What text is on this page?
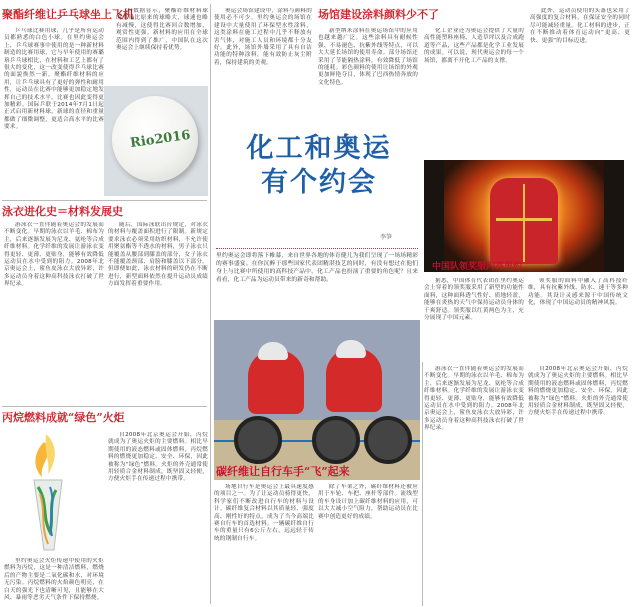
聚酯纤维让乒乓球坐上飞机

乒乓球比赛用球，几乎是所有运动员都熟悉的白色小球。在里约奥运会上，乒乓球赛事中使用的是一种新材料制造的比赛用球，它与早年使用的赛璐珞乒乓球相比，在材料和工艺上都有了很大的变化，这一改变使得乒乓球比赛的面貌焕然一新。聚酯纤维材料的应用，让乒乓球具有了更好的弹性和耐用性，运动员在比赛中能够更加稳定地发挥自己的技术水平，比赛也因此变得更加精彩。国际乒联于2014年7月1日起正式启用新材料球，新球的直径和重量都做了细微调整，更适合高水平的比赛要求。

Rio2016
泳衣进化史＝材料发展史

游泳衣一直伴随着奥运会的发展而不断变化。早期的泳衣以羊毛、棉布为主，后来逐渐发展为尼龙、氨纶等合成纤维材料。化学纤维的发展让游泳衣变得更轻、更薄、更贴身，能够有效降低运动员在水中受到的阻力。2008年北京奥运会上，鲨鱼皮泳衣大放异彩，许多运动员身着这种高科技泳衣打破了世界纪录。

随后，国际泳联出台规定，对泳衣的材料与覆盖面积进行了限制。新规定要求泳衣必须采用纺织材料，不允许使用聚氨酯等不透水的材料，男子泳衣只能覆盖从腰部到膝盖的部分，女子泳衣不能覆盖颈部、肩膀和膝盖以下部分。但即便如此，泳衣材料的研发仍在不断进行，新型面料依然在提升运动员成绩方面发挥着重要作用。

丙烷燃料成就“绿色”火炬

里约奥运会火炬传递中使用的火炬燃料为丙烷，这是一种清洁燃料，燃烧后的产物主要是二氧化碳和水，对环境无污染。丙烷燃料的火焰颜色明亮，在白天的强光下也清晰可见，且能够在大风、暴雨等恶劣天气条件下保持燃烧。

自2008年北京奥运会开始，丙烷就成为了奥运火炬的主要燃料。相比早期使用的液态燃料或固体燃料，丙烷燃料的燃烧更加稳定、安全、环保，因此被称为“绿色”燃料。火炬的外壳通常使用轻质合金材料制成，既坚固又轻便，方便火炬手在传递过程中携带。

有数据显示，聚酯纤维材料球的重量比原来的球略大，球速也略有减慢，这使得比赛回合数增加，观赏性更强。新材料的应用在全球范围内得到了推广，中国队在这次奥运会上继续保持着优势。

奥运会场馆建设中，涂料与颜料的使用必不可少。里约奥运会的场馆在建设中大量使用了环保型水性涂料，这类涂料在施工过程中几乎不释放有害气体，对施工人员和环境都十分友好。此外，场馆外墙采用了具有自洁功能的特种涂料，能有效防止灰尘附着，保持建筑的美观。

场馆建设涂料颜料少不了

新型纳米涂料在奥运场馆中的应用也越来越广泛。这些涂料具有耐候性强、不易褪色、抗紫外线等特点，可以大大延长场馆的使用寿命。部分场馆还采用了节能隔热涂料，有效降低了场馆的能耗。彩色颜料的使用让场馆的外观更加鲜艳夺目，体现了巴西热情奔放的文化特色。

化工企业还为奥运会提供了大量的高性能塑料座椅、人造草坪以及合成跑道等产品，这些产品都是化学工业发展的成果。可以说，现代奥运会的每一个场馆，都离不开化工产品的支撑。

化工和奥运
有个约会
李笋
里约奥运会即将落下帷幕，来自世界各地的体育健儿为我们呈现了一场场精彩的赛事盛宴。在你沉醉于那些国家代表团精湛技艺的同时，有没有想过在他们身上与比赛中所使用的高科技产品中，化工产品也扮演了重要的角色呢？且来看看，化工产品为运动员带来的新奇和帮助。
中国队领奖服闪亮里约

据悉，中国体育代表团在里约奥运会上穿着的领奖服采用了新型的功能性面料，这种面料透气性好、质地轻盈，能够在炎热的天气中保持运动员身体的干爽舒适。领奖服以红黄两色为主，充分展现了中国元素。

领奖服的面料中融入了高科技纤维，具有抗紫外线、防水、速干等多种功能。其设计灵感来源于中国传统文化，体现了中国运动员的精神风貌。

此外，运动员使用的头盔也采用了高强度的复合材料，在保证安全的同时尽可能减轻重量。化工材料的进步，正在不断推动着体育运动向“更高、更快、更强”的目标迈进。

碳纤维让自行车手“飞”起来

场地自行车是奥运会上最具速度感的项目之一。为了让运动员骑得更快，科学家们不断改进自行车的材料与设计。碳纤维复合材料以其质量轻、强度高、刚性好的特点，成为了当今高端比赛自行车的首选材料。一辆碳纤维自行车的重量只有6公斤左右，远远轻于传统的钢制自行车。

除了车架之外，碳纤维材料还被应用于车轮、车把、座杆等部件。流线型的车身设计加上碳纤维材料的应用，可以大大减小空气阻力，帮助运动员在比赛中创造更好的成绩。

游泳衣一直伴随着奥运会的发展而不断变化。早期的泳衣以羊毛、棉布为主，后来逐渐发展为尼龙、氨纶等合成纤维材料。化学纤维的发展让游泳衣变得更轻、更薄、更贴身，能够有效降低运动员在水中受到的阻力。2008年北京奥运会上，鲨鱼皮泳衣大放异彩，许多运动员身着这种高科技泳衣打破了世界纪录。

自2008年北京奥运会开始，丙烷就成为了奥运火炬的主要燃料。相比早期使用的液态燃料或固体燃料，丙烷燃料的燃烧更加稳定、安全、环保，因此被称为“绿色”燃料。火炬的外壳通常使用轻质合金材料制成，既坚固又轻便，方便火炬手在传递过程中携带。
